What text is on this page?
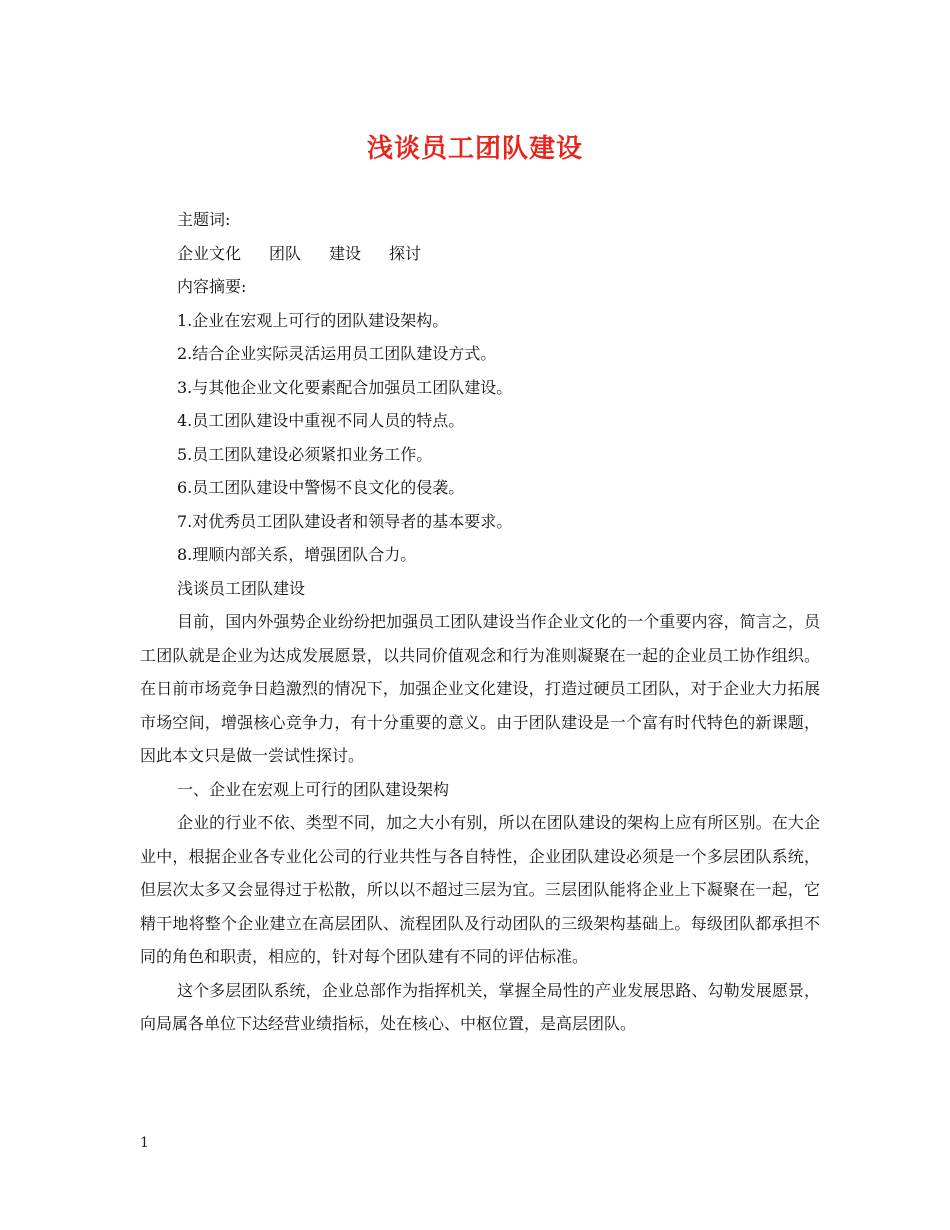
浅谈员工团队建设

主题词:

企业文化 团队 建设 探讨

内容摘要:

1.企业在宏观上可行的团队建设架构。

2.结合企业实际灵活运用员工团队建设方式。

3.与其他企业文化要素配合加强员工团队建设。

4.员工团队建设中重视不同人员的特点。

5.员工团队建设必须紧扣业务工作。

6.员工团队建设中警惕不良文化的侵袭。

7.对优秀员工团队建设者和领导者的基本要求。

8.理顺内部关系，增强团队合力。

浅谈员工团队建设

目前，国内外强势企业纷纷把加强员工团队建设当作企业文化的一个重要内容，简言之，员工团队就是企业为达成发展愿景，以共同价值观念和行为准则凝聚在一起的企业员工协作组织。在日前市场竞争日趋激烈的情况下，加强企业文化建设，打造过硬员工团队，对于企业大力拓展市场空间，增强核心竞争力，有十分重要的意义。由于团队建设是一个富有时代特色的新课题，因此本文只是做一尝试性探讨。

一、企业在宏观上可行的团队建设架构

企业的行业不依、类型不同，加之大小有别，所以在团队建设的架构上应有所区别。在大企业中，根据企业各专业化公司的行业共性与各自特性，企业团队建设必须是一个多层团队系统，但层次太多又会显得过于松散，所以以不超过三层为宜。三层团队能将企业上下凝聚在一起，它精干地将整个企业建立在高层团队、流程团队及行动团队的三级架构基础上。每级团队都承担不同的角色和职责，相应的，针对每个团队建有不同的评估标准。

这个多层团队系统，企业总部作为指挥机关，掌握全局性的产业发展思路、勾勒发展愿景，向局属各单位下达经营业绩指标，处在核心、中枢位置，是高层团队。

1
